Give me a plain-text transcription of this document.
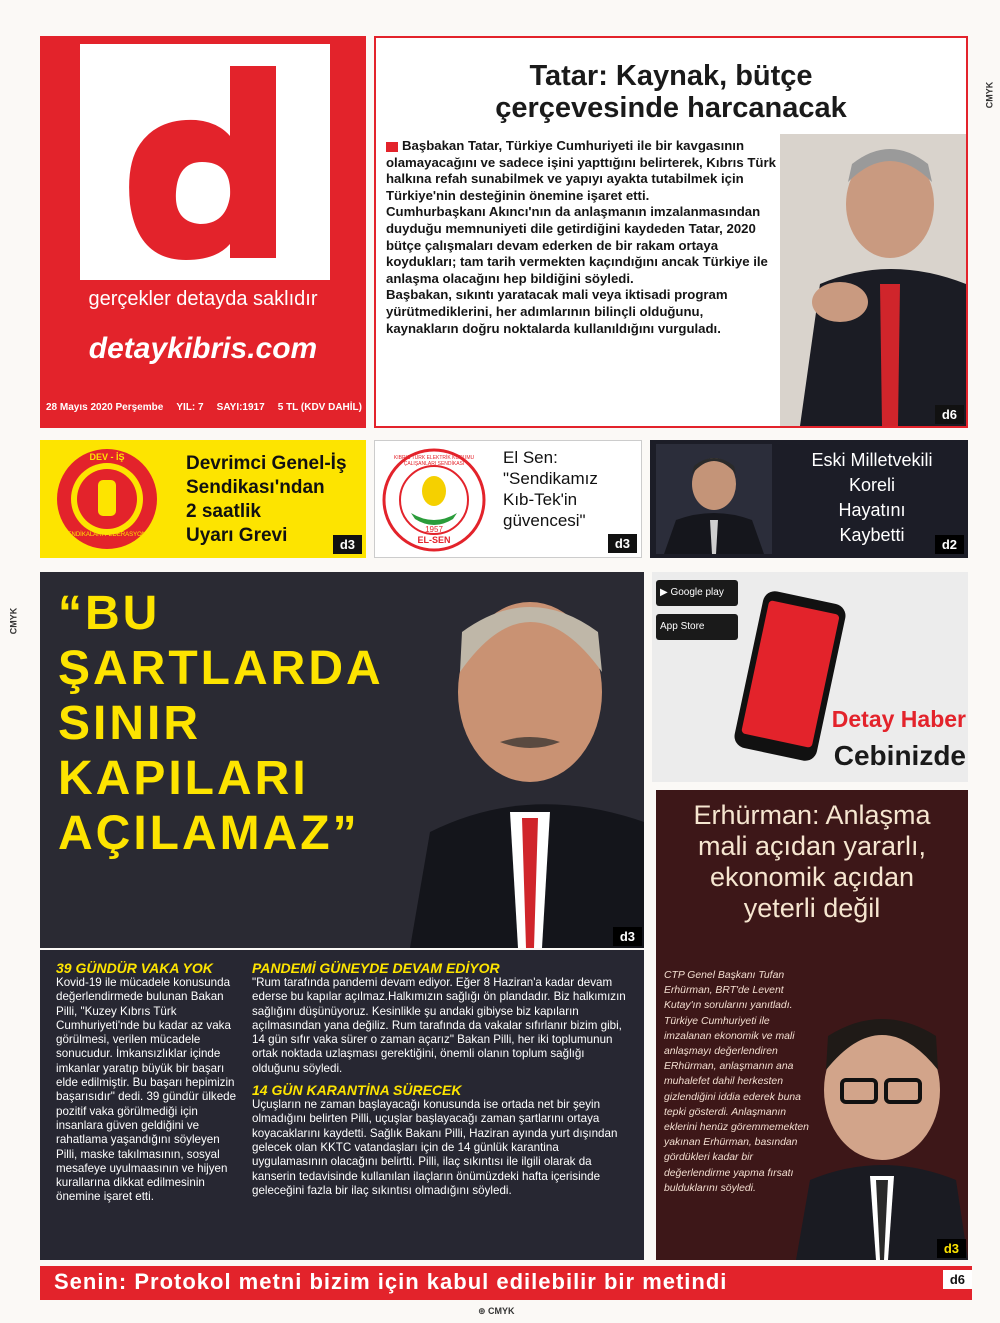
CMYK
CMYK
⊕ CMYK
gerçekler detayda saklıdır
detaykibris.com
28 Mayıs 2020 Perşembe YIL: 7 SAYI:1917 5 TL (KDV DAHİL)
Tatar: Kaynak, bütçe
çerçevesinde harcanacak
Başbakan Tatar, Türkiye Cumhuriyeti ile bir kavgasının olamayacağını ve sadece işini yapttığını belirterek, Kıbrıs Türk halkına refah sunabilmek ve yapıyı ayakta tutabilmek için Türkiye'nin desteğinin önemine işaret etti.
Cumhurbaşkanı Akıncı'nın da anlaşmanın imzalanmasından duyduğu memnuniyeti dile getirdiğini kaydeden Tatar, 2020 bütçe çalışmaları devam ederken de bir rakam ortaya koydukları; tam tarih vermekten kaçındığını ancak Türkiye ile anlaşma olacağını hep bildiğini söyledi.
Başbakan, sıkıntı yaratacak mali veya iktisadi program yürütmediklerini, her adımlarının bilinçli olduğunu, kaynakların doğru noktalarda kullanıldığını vurguladı.
d6
DEV - İŞ
SENDİKALARI FEDERASYONU
Devrimci Genel-İş
Sendikası'ndan
2 saatlik
Uyarı Grevi	d3
KIBRIS TÜRK ELEKTRİK KURUMU ÇALIŞANLARI SENDİKASI
1957
EL-SEN
El Sen:
"Sendikamız
Kıb-Tek'in
güvencesi"
d3
Eski Milletvekili
Koreli
Hayatını
Kaybetti	d2
“BU
ŞARTLARDA
SINIR
KAPILARI
AÇILAMAZ”
d3
39 GÜNDÜR VAKA YOK
Kovid-19 ile mücadele konusunda değerlendirmede bulunan Bakan Pilli, "Kuzey Kıbrıs Türk Cumhuriyeti'nde bu kadar az vaka görülmesi, verilen mücadele sonucudur. İmkansızlıklar içinde imkanlar yaratıp büyük bir başarı elde edilmiştir. Bu başarı hepimizin başarısıdır" dedi. 39 gündür ülkede pozitif vaka görülmediği için insanlara güven geldiğini ve rahatlama yaşandığını söyleyen Pilli, maske takılmasının, sosyal mesafeye uyulmaasının ve hijyen kurallarına dikkat edilmesinin önemine işaret etti.
PANDEMİ GÜNEYDE DEVAM EDİYOR
"Rum tarafında pandemi devam ediyor. Eğer 8 Haziran'a kadar devam ederse bu kapılar açılmaz.Halkımızın sağlığı ön plandadır. Biz halkımızın sağlığını düşünüyoruz. Kesinlikle şu andaki gibiyse biz kapıların açılmasından yana değiliz. Rum tarafında da vakalar sıfırlanır bizim gibi, 14 gün sıfır vaka sürer o zaman açarız" Bakan Pilli, her iki toplumunun ortak noktada uzlaşması gerektiğini, önemli olanın toplum sağlığı olduğunu söyledi.
14 GÜN KARANTİNA SÜRECEK
Uçuşların ne zaman başlayacağı konusunda ise ortada net bir şeyin olmadığını belirten Pilli, uçuşlar başlayacağı zaman şartlarını ortaya koyacaklarını kaydetti. Sağlık Bakanı Pilli, Haziran ayında yurt dışından gelecek olan KKTC vatandaşları için de 14 günlük karantina uygulamasının olacağını belirtti. Pilli, ilaç sıkıntısı ile ilgili olarak da kanserin tedavisinde kullanılan ilaçların önümüzdeki hafta içerisinde geleceğini fazla bir ilaç sıkıntısı olmadığını söyledi.
▶ Google play
App Store
Detay Haber
Cebinizde
Erhürman: Anlaşma
mali açıdan yararlı,
ekonomik açıdan
yeterli değil
CTP Genel Başkanı Tufan Erhürman, BRT'de Levent Kutay'ın sorularını yanıtladı. Türkiye Cumhuriyeti ile imzalanan ekonomik ve mali anlaşmayı değerlendiren ERhürman, anlaşmanın ana muhalefet dahil herkesten gizlendiğini iddia ederek buna tepki gösterdi. Anlaşmanın eklerini henüz göremmemekten yakınan Erhürman, basından gördükleri kadar bir değerlendirme yapma fırsatı bulduklarını söyledi.
d3
Senin: Protokol metni bizim için kabul edilebilir bir metindi	d6
